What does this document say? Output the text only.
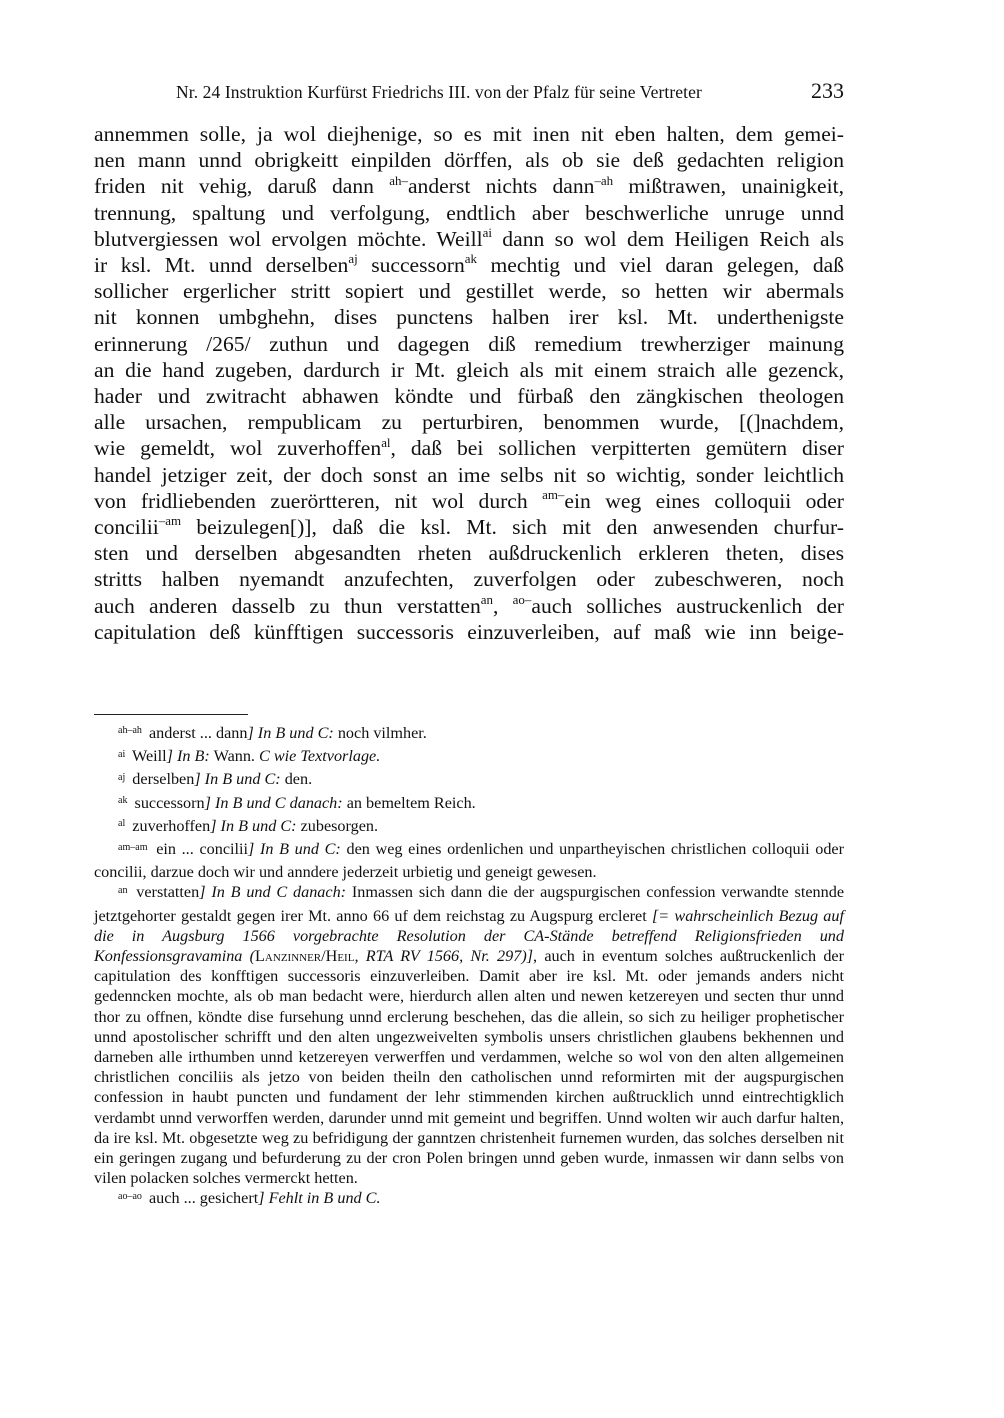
Nr. 24 Instruktion Kurfürst Friedrichs III. von der Pfalz für seine Vertreter	233
annemmen solle, ja wol diejhenige, so es mit inen nit eben halten, dem gemei-
nen mann unnd obrigkeitt einpilden dörffen, als ob sie deß gedachten religion
friden nit vehig, daruß dann $^{ah-}$anderst nichts dann$^{-ah}$ mißtrawen, unainigkeit,
trennung, spaltung und verfolgung, endtlich aber beschwerliche unruge unnd
blutvergiessen wol ervolgen möchte. Weill$^{ai}$ dann so wol dem Heiligen Reich als
ir ksl. Mt. unnd derselben$^{aj}$ successorn$^{ak}$ mechtig und viel daran gelegen, daß
sollicher ergerlicher stritt sopiert und gestillet werde, so hetten wir abermals
nit konnen umbghehn, dises punctens halben irer ksl. Mt. underthenigste
erinnerung /265/ zuthun und dagegen diß remedium trewherziger mainung
an die hand zugeben, dardurch ir Mt. gleich als mit einem straich alle gezenck,
hader und zwitracht abhawen köndte und fürbaß den zängkischen theologen
alle ursachen, rempublicam zu perturbiren, benommen wurde, [(]nachdem,
wie gemeldt, wol zuverhoffen$^{al}$, daß bei sollichen verpitterten gemütern diser
handel jetziger zeit, der doch sonst an ime selbs nit so wichtig, sonder leichtlich
von fridliebenden zuerörtteren, nit wol durch $^{am-}$ein weg eines colloquii oder
concilii$^{-am}$ beizulegen[)], daß die ksl. Mt. sich mit den anwesenden churfur-
sten und derselben abgesandten rheten außdruckenlich erkleren theten, dises
stritts halben nyemandt anzufechten, zuverfolgen oder zubeschweren, noch
auch anderen dasselb zu thun verstatten$^{an}$, $^{ao-}$auch solliches austruckenlich der
capitulation deß künfftigen successoris einzuverleiben, auf maß wie inn beige-
$^{ah-ah}$ anderst ... dann] In B und C: noch vilmher.
$^{ai}$ Weill] In B: Wann. C wie Textvorlage.
$^{aj}$ derselben] In B und C: den.
$^{ak}$ successorn] In B und C danach: an bemeltem Reich.
$^{al}$ zuverhoffen] In B und C: zubesorgen.
$^{am-am}$ ein ... concilii] In B und C: den weg eines ordenlichen und unpartheyischen christlichen colloquii oder concilii, darzue doch wir und anndere jederzeit urbietig und geneigt gewesen.
$^{an}$ verstatten] In B und C danach: Inmassen sich dann die der augspurgischen confession verwandte stennde jetztgehorter gestaldt gegen irer Mt. anno 66 uf dem reichstag zu Augspurg ercleret [= wahrscheinlich Bezug auf die in Augsburg 1566 vorgebrachte Resolution der CA-Stände betreffend Religionsfrieden und Konfessionsgravamina (Lanzinner/Heil, RTA RV 1566, Nr. 297)], auch in eventum solches außtruckenlich der capitulation des konfftigen successoris einzuverleiben. Damit aber ire ksl. Mt. oder jemands anders nicht gedenncken mochte, als ob man bedacht were, hierdurch allen alten und newen ketzereyen und secten thur unnd thor zu offnen, köndte dise fursehung unnd erclerung beschehen, das die allein, so sich zu heiliger prophetischer unnd apostolischer schrifft und den alten ungezweivelten symbolis unsers christlichen glaubens bekhennen und darneben alle irthumben unnd ketzereyen verwerffen und verdammen, welche so wol von den alten allgemeinen christlichen conciliis als jetzo von beiden theiln den catholischen unnd reformirten mit der augspurgischen confession in haubt puncten und fundament der lehr stimmenden kirchen außtrucklich unnd eintrechtigklich verdambt unnd verworffen werden, darunder unnd mit gemeint und begriffen. Unnd wolten wir auch darfur halten, da ire ksl. Mt. obgesetzte weg zu befridigung der ganntzen christenheit furnemen wurden, das solches derselben nit ein geringen zugang und befurderung zu der cron Polen bringen unnd geben wurde, inmassen wir dann selbs von vilen polacken solches vermerckt hetten.
$^{ao-ao}$ auch ... gesichert] Fehlt in B und C.
